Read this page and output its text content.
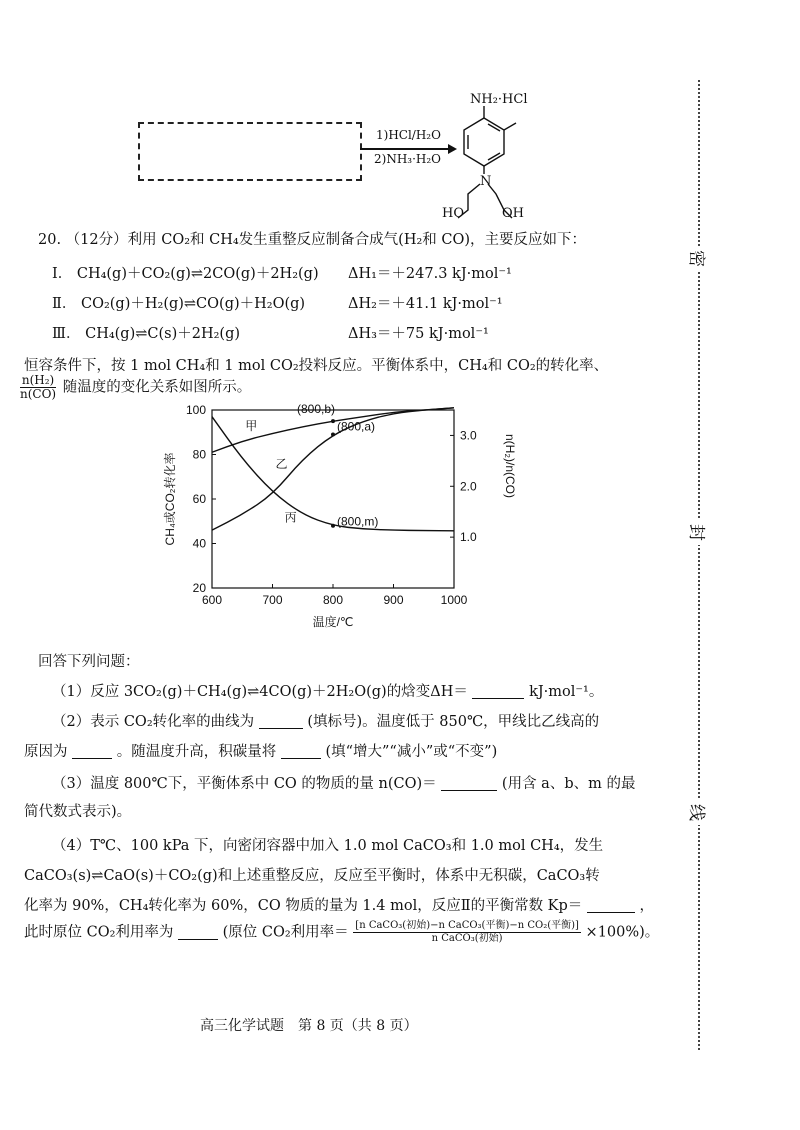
1)HCl/H₂O
2)NH₃·H₂O
NH₂·HCl
N
HO	OH
20. （12分）利用 CO₂和 CH₄发生重整反应制备合成气(H₂和 CO)，主要反应如下：
Ⅰ． CH₄(g)＋CO₂(g)⇌2CO(g)＋2H₂(g) ΔH₁＝＋247.3 kJ·mol⁻¹
Ⅱ． CO₂(g)＋H₂(g)⇌CO(g)＋H₂O(g)	ΔH₂＝＋41.1 kJ·mol⁻¹
Ⅲ． CH₄(g)⇌C(s)＋2H₂(g)	ΔH₃＝＋75 kJ·mol⁻¹
恒容条件下，按 1 mol CH₄和 1 mol CO₂投料反应。平衡体系中，CH₄和 CO₂的转化率、
$\frac{\text{n(H₂)}}{n(CO)}$ 随温度的变化关系如图所示。
600	700	800	900	1000
20
40
60
80
100
1.0
2.0
3.0
甲
乙
丙
(800,b)
(800,a)
(800,m)
温度/℃
CH₄或CO₂转化率	n(H₂)/n(CO)
回答下列问题：
（1）反应 3CO₂(g)＋CH₄(g)⇌4CO(g)＋2H₂O(g)的焓变ΔH＝	kJ·mol⁻¹。
（2）表示 CO₂转化率的曲线为	(填标号)。温度低于 850℃，甲线比乙线高的
原因为	。随温度升高，积碳量将	(填“增大”“减小”或“不变”)
（3）温度 800℃下，平衡体系中 CO 的物质的量 n(CO)＝	(用含 a、b、m 的最
简代数式表示)。
（4）T℃、100 kPa 下，向密闭容器中加入 1.0 mol CaCO₃和 1.0 mol CH₄，发生
CaCO₃(s)⇌CaO(s)＋CO₂(g)和上述重整反应，反应至平衡时，体系中无积碳，CaCO₃转
化率为 90%，CH₄转化率为 60%，CO 物质的量为 1.4 mol，反应Ⅱ的平衡常数 Kp＝	，
此时原位 CO₂利用率为	(原位 CO₂利用率＝ $\frac{\text{[n CaCO₃(初始)−n CaCO₃(平衡)−n CO₂(平衡)]}}{\text{n CaCO₃(初始)}} \times 100\%$)。
高三化学试题　第 8 页（共 8 页）
密
封
线
